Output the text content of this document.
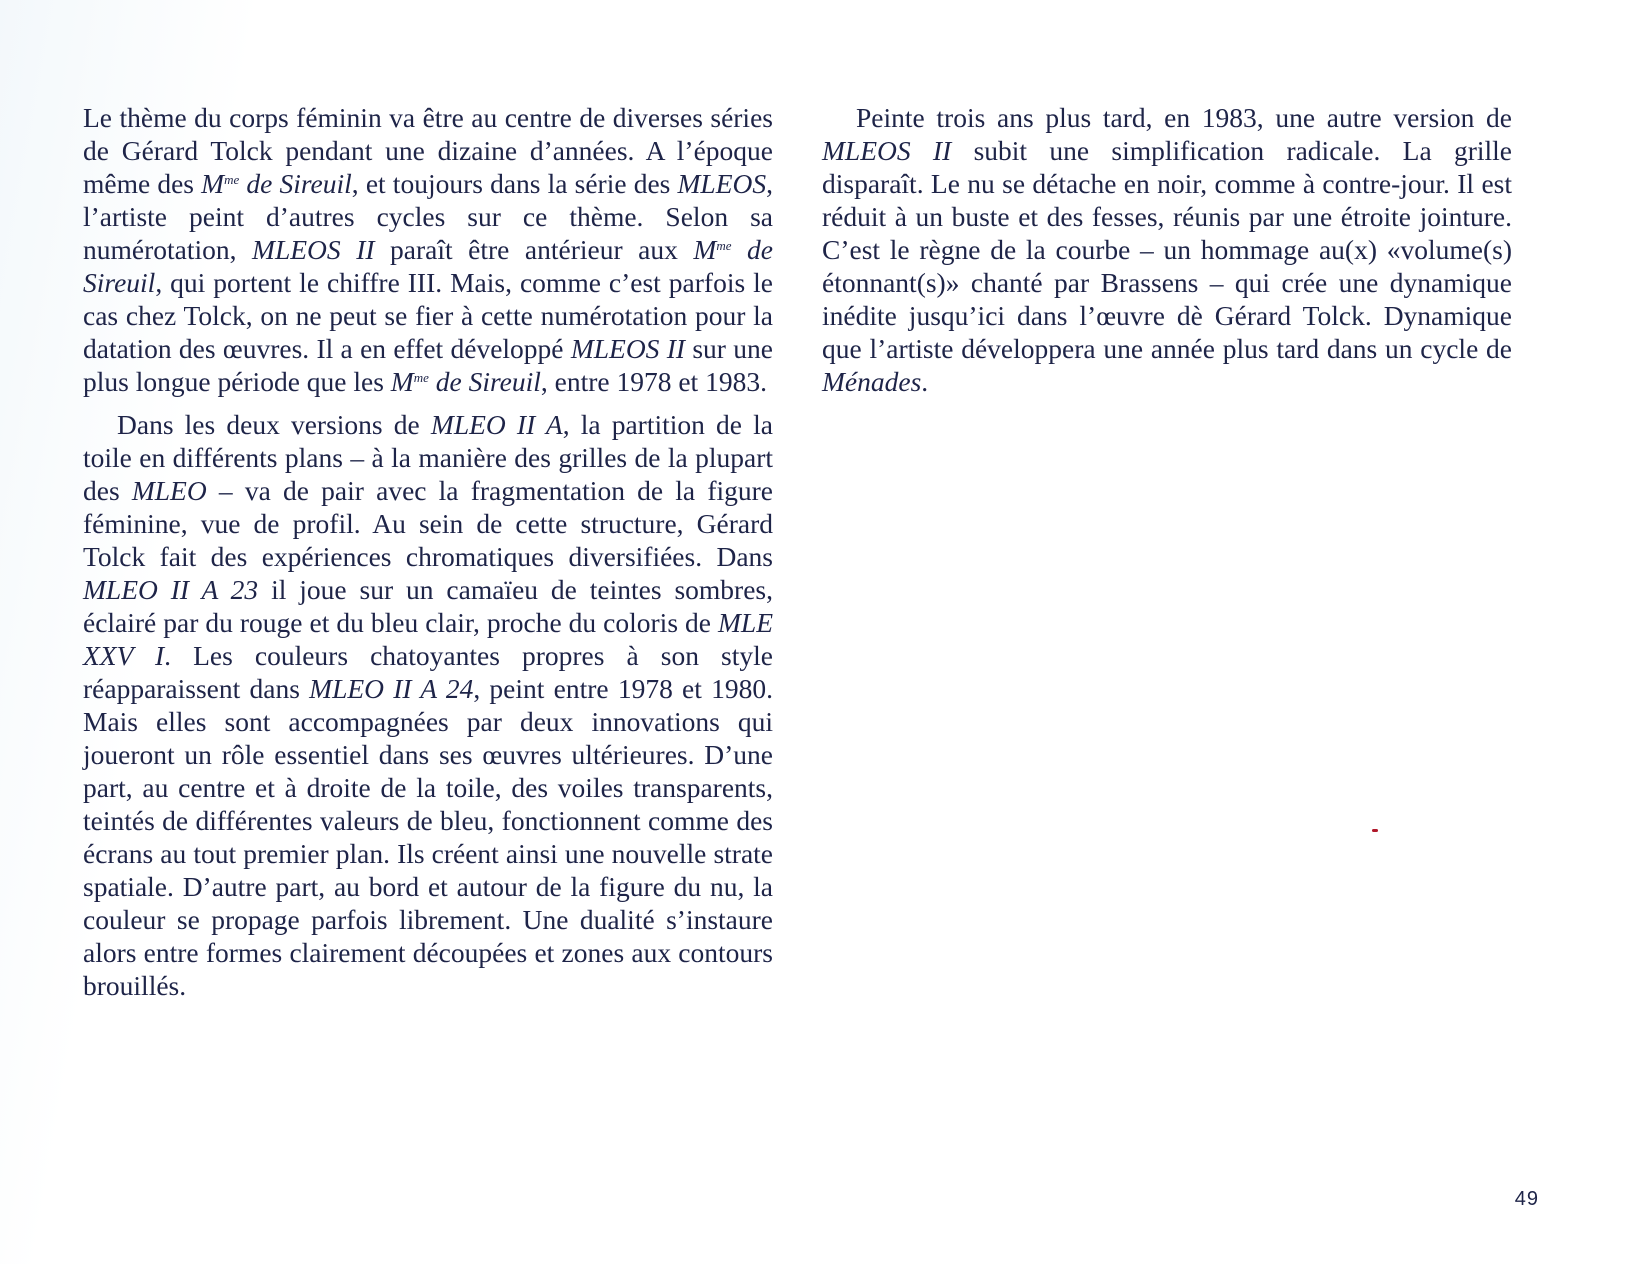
Le thème du corps féminin va être au centre de diverses séries de Gérard Tolck pendant une dizaine d’années. A l’époque même des $M^{me}$ de Sireuil, et toujours dans la série des MLEOS, l’artiste peint d’autres cycles sur ce thème. Selon sa numérotation, MLEOS II paraît être antérieur aux $M^{me}$ de Sireuil, qui portent le chiffre III. Mais, comme c’est parfois le cas chez Tolck, on ne peut se fier à cette numérotation pour la datation des œuvres. Il a en effet développé MLEOS II sur une plus longue période que les $M^{me}$ de Sireuil, entre 1978 et 1983.

Dans les deux versions de MLEO II A, la partition de la toile en différents plans – à la manière des grilles de la plupart des MLEO – va de pair avec la fragmentation de la figure féminine, vue de profil. Au sein de cette structure, Gérard Tolck fait des expériences chromatiques diversifiées. Dans MLEO II A 23 il joue sur un camaïeu de teintes sombres, éclairé par du rouge et du bleu clair, proche du coloris de MLE XXV I. Les couleurs chatoyantes propres à son style réapparaissent dans MLEO II A 24, peint entre 1978 et 1980. Mais elles sont accompagnées par deux innovations qui joueront un rôle essentiel dans ses œuvres ultérieures. D’une part, au centre et à droite de la toile, des voiles transparents, teintés de différentes valeurs de bleu, fonctionnent comme des écrans au tout premier plan. Ils créent ainsi une nouvelle strate spatiale. D’autre part, au bord et autour de la figure du nu, la couleur se propage parfois librement. Une dualité s’instaure alors entre formes clairement découpées et zones aux contours brouillés.

Peinte trois ans plus tard, en 1983, une autre version de MLEOS II subit une simplification radicale. La grille disparaît. Le nu se détache en noir, comme à contre-jour. Il est réduit à un buste et des fesses, réunis par une étroite jointure. C’est le règne de la courbe – un hommage au(x) «volume(s) étonnant(s)» chanté par Brassens – qui crée une dynamique inédite jusqu’ici dans l’œuvre dè Gérard Tolck. Dynamique que l’artiste développera une année plus tard dans un cycle de Ménades.

49
